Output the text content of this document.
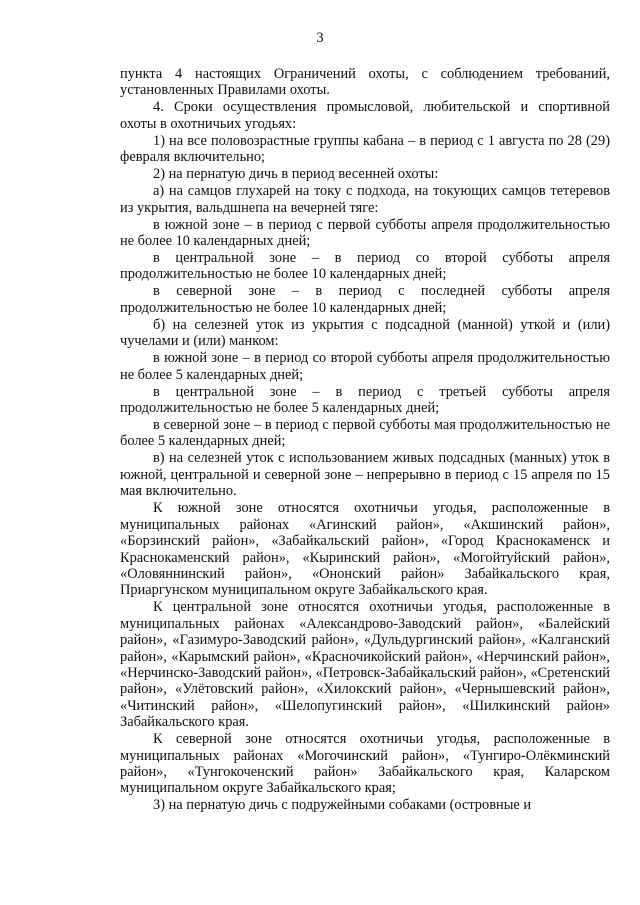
3

пункта 4 настоящих Ограничений охоты, с соблюдением требований, установленных Правилами охоты.

4. Сроки осуществления промысловой, любительской и спортивной охоты в охотничьих угодьях:

1) на все половозрастные группы кабана – в период с 1 августа по 28 (29) февраля включительно;

2) на пернатую дичь в период весенней охоты:

а) на самцов глухарей на току с подхода, на токующих самцов тетеревов из укрытия, вальдшнепа на вечерней тяге:

в южной зоне – в период с первой субботы апреля продолжительностью не более 10 календарных дней;

в центральной зоне – в период со второй субботы апреля продолжительностью не более 10 календарных дней;

в северной зоне – в период с последней субботы апреля продолжительностью не более 10 календарных дней;

б) на селезней уток из укрытия с подсадной (манной) уткой и (или) чучелами и (или) манком:

в южной зоне – в период со второй субботы апреля продолжительностью не более 5 календарных дней;

в центральной зоне – в период с третьей субботы апреля продолжительностью не более 5 календарных дней;

в северной зоне – в период с первой субботы мая продолжительностью не более 5 календарных дней;

в) на селезней уток с использованием живых подсадных (манных) уток в южной, центральной и северной зоне – непрерывно в период с 15 апреля по 15 мая включительно.

К южной зоне относятся охотничьи угодья, расположенные в муниципальных районах «Агинский район», «Акшинский район», «Борзинский район», «Забайкальский район», «Город Краснокаменск и Краснокаменский район», «Кыринский район», «Могойтуйский район», «Оловяннинский район», «Ононский район» Забайкальского края, Приаргунском муниципальном округе Забайкальского края.

К центральной зоне относятся охотничьи угодья, расположенные в муниципальных районах «Александрово-Заводский район», «Балейский район», «Газимуро-Заводский район», «Дульдургинский район», «Калганский район», «Карымский район», «Красночикойский район», «Нерчинский район», «Нерчинско-Заводский район», «Петровск-Забайкальский район», «Сретенский район», «Улётовский район», «Хилокский район», «Чернышевский район», «Читинский район», «Шелопугинский район», «Шилкинский район» Забайкальского края.

К северной зоне относятся охотничьи угодья, расположенные в муниципальных районах «Могочинский район», «Тунгиро-Олёкминский район», «Тунгокоченский район» Забайкальского края, Каларском муниципальном округе Забайкальского края;

3) на пернатую дичь с подружейными собаками (островные и
